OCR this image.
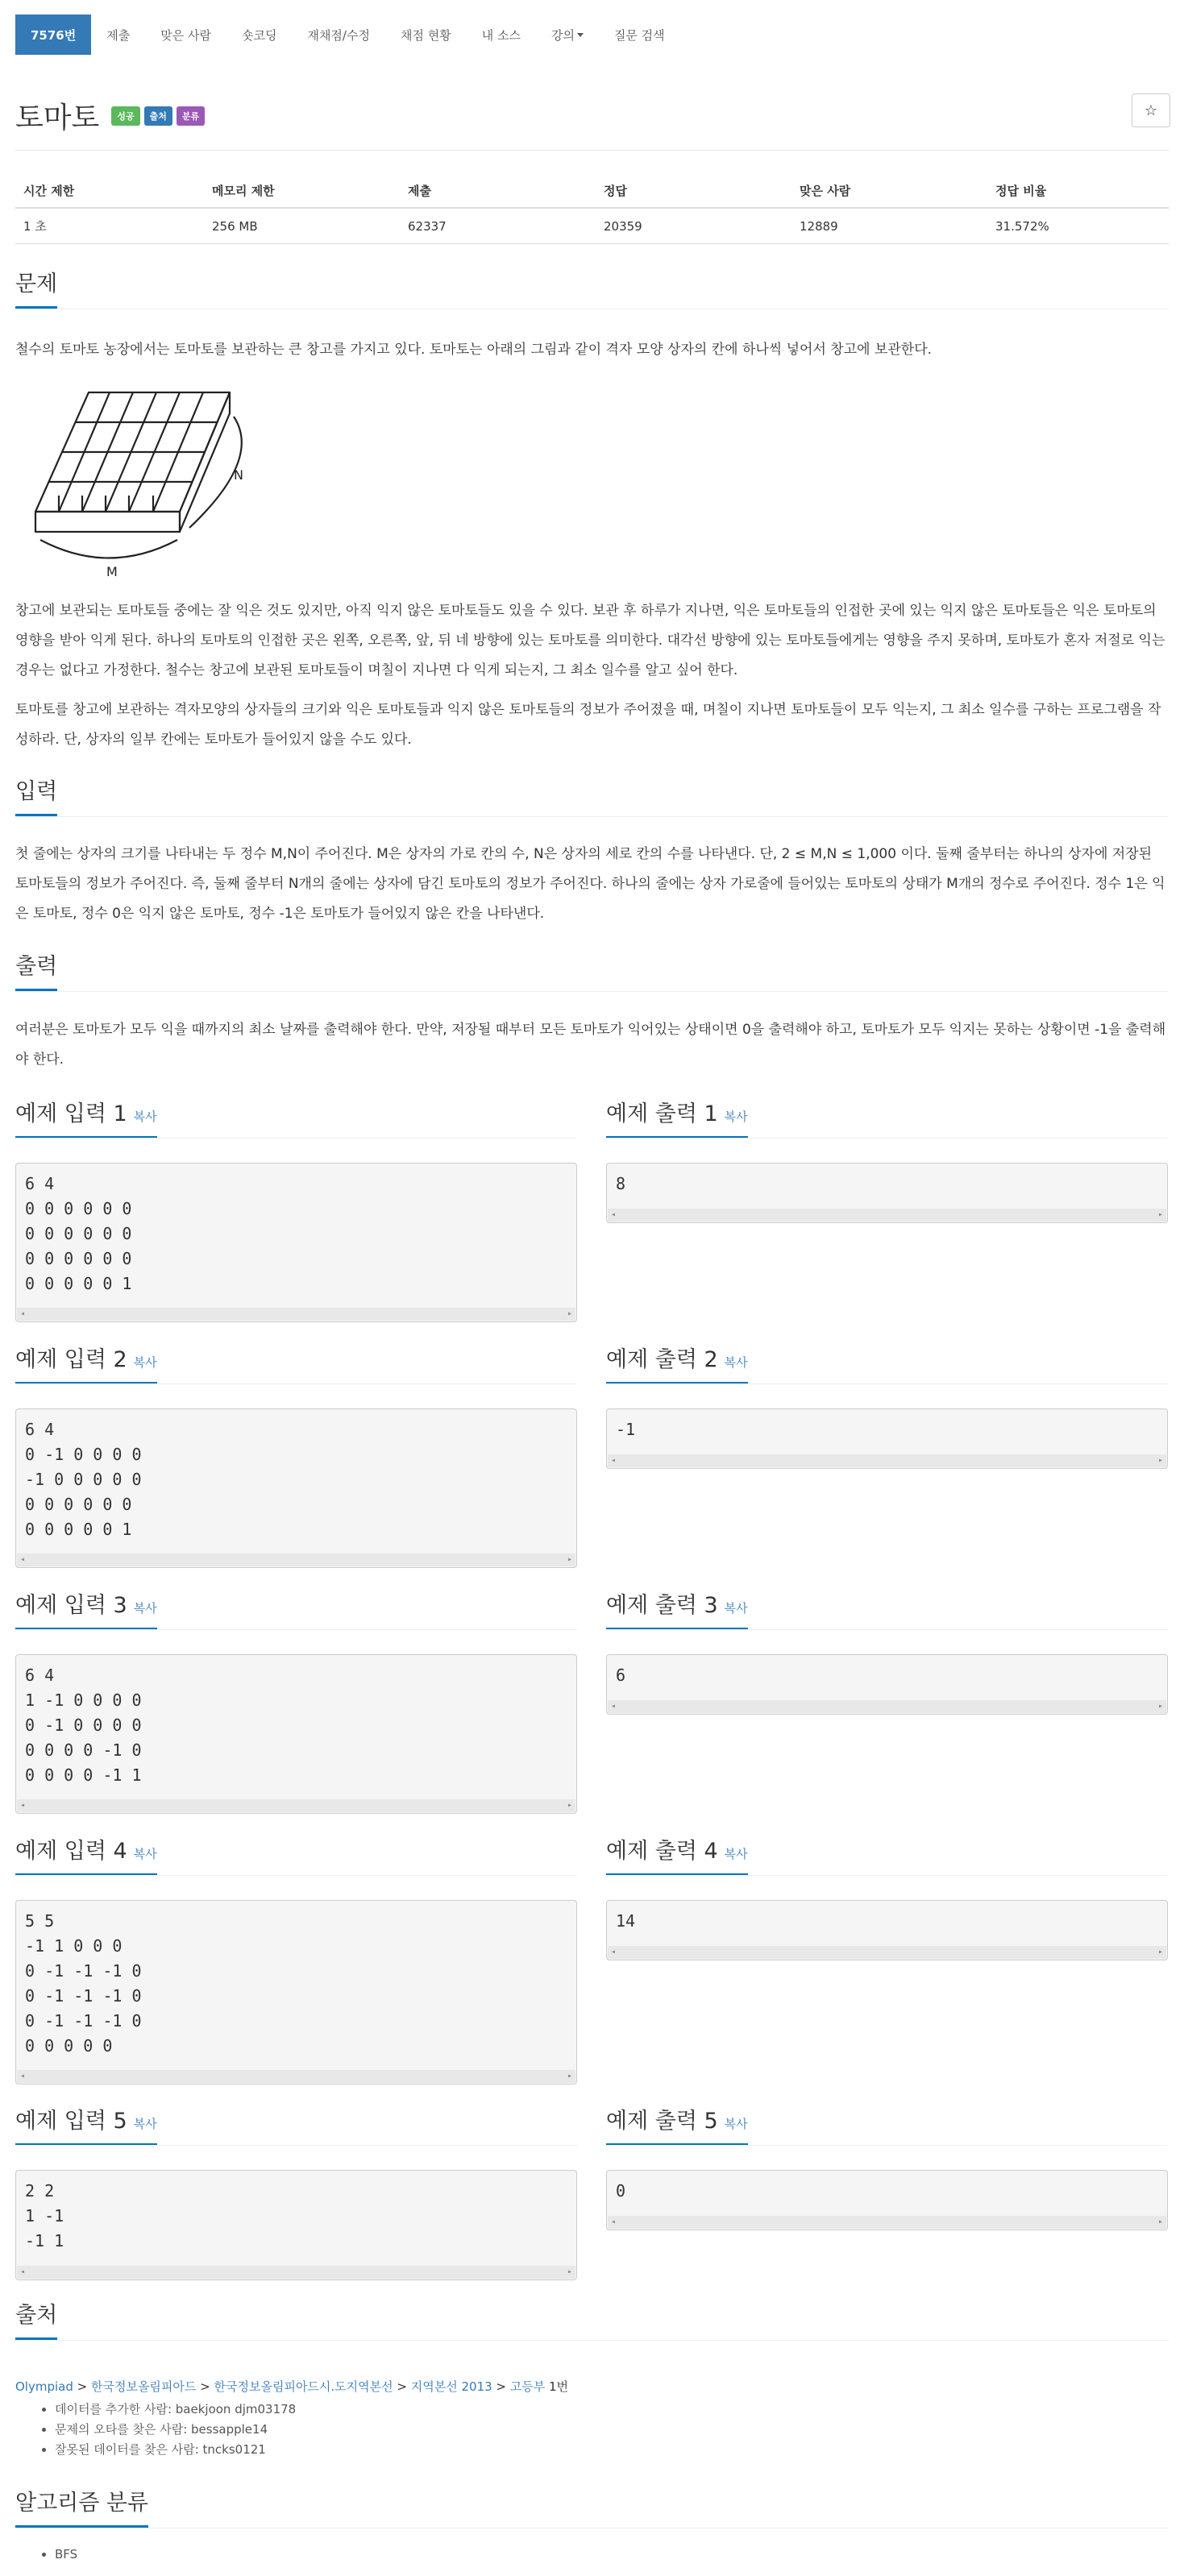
7576번	제출	맞은 사람	숏코딩	재채점/수정	채점 현황	내 소스	강의	질문 검색
토마토	성공	출처	분류	☆
시간 제한	메모리 제한	제출	정답	맞은 사람	정답 비율
1 초	256 MB	62337	20359	12889	31.572%
문제

철수의 토마토 농장에서는 토마토를 보관하는 큰 창고를 가지고 있다. 토마토는 아래의 그림과 같이 격자 모양 상자의 칸에 하나씩 넣어서 창고에 보관한다.

M
N

창고에 보관되는 토마토들 중에는 잘 익은 것도 있지만, 아직 익지 않은 토마토들도 있을 수 있다. 보관 후 하루가 지나면, 익은 토마토들의 인접한 곳에 있는 익지 않은 토마토들은 익은 토마토의 영향을 받아 익게 된다. 하나의 토마토의 인접한 곳은 왼쪽, 오른쪽, 앞, 뒤 네 방향에 있는 토마토를 의미한다. 대각선 방향에 있는 토마토들에게는 영향을 주지 못하며, 토마토가 혼자 저절로 익는 경우는 없다고 가정한다. 철수는 창고에 보관된 토마토들이 며칠이 지나면 다 익게 되는지, 그 최소 일수를 알고 싶어 한다.

토마토를 창고에 보관하는 격자모양의 상자들의 크기와 익은 토마토들과 익지 않은 토마토들의 정보가 주어졌을 때, 며칠이 지나면 토마토들이 모두 익는지, 그 최소 일수를 구하는 프로그램을 작성하라. 단, 상자의 일부 칸에는 토마토가 들어있지 않을 수도 있다.

입력

첫 줄에는 상자의 크기를 나타내는 두 정수 M,N이 주어진다. M은 상자의 가로 칸의 수, N은 상자의 세로 칸의 수를 나타낸다. 단, 2 ≤ M,N ≤ 1,000 이다. 둘째 줄부터는 하나의 상자에 저장된 토마토들의 정보가 주어진다. 즉, 둘째 줄부터 N개의 줄에는 상자에 담긴 토마토의 정보가 주어진다. 하나의 줄에는 상자 가로줄에 들어있는 토마토의 상태가 M개의 정수로 주어진다. 정수 1은 익은 토마토, 정수 0은 익지 않은 토마토, 정수 -1은 토마토가 들어있지 않은 칸을 나타낸다.

출력

여러분은 토마토가 모두 익을 때까지의 최소 날짜를 출력해야 한다. 만약, 저장될 때부터 모든 토마토가 익어있는 상태이면 0을 출력해야 하고, 토마토가 모두 익지는 못하는 상황이면 -1을 출력해야 한다.

예제 입력 1 복사
6 4
0 0 0 0 0 0
0 0 0 0 0 0
0 0 0 0 0 0
0 0 0 0 0 1
◂  ▸
예제 출력 1 복사
8
◂  ▸
예제 입력 2 복사
6 4
0 -1 0 0 0 0
-1 0 0 0 0 0
0 0 0 0 0 0
0 0 0 0 0 1
◂  ▸
예제 출력 2 복사
-1
◂  ▸
예제 입력 3 복사
6 4
1 -1 0 0 0 0
0 -1 0 0 0 0
0 0 0 0 -1 0
0 0 0 0 -1 1
◂  ▸
예제 출력 3 복사
6
◂  ▸
예제 입력 4 복사
5 5
-1 1 0 0 0
0 -1 -1 -1 0
0 -1 -1 -1 0
0 -1 -1 -1 0
0 0 0 0 0
◂  ▸
예제 출력 4 복사
14
◂  ▸
예제 입력 5 복사
2 2
1 -1
-1 1
◂  ▸
예제 출력 5 복사
0
◂  ▸
출처
Olympiad > 한국정보올림피아드 > 한국정보올림피아드시.도지역본선 > 지역본선 2013 > 고등부 1번
• 데이터를 추가한 사람: baekjoon djm03178
• 문제의 오타를 찾은 사람: bessapple14
• 잘못된 데이터를 찾은 사람: tncks0121
알고리즘 분류
• BFS
